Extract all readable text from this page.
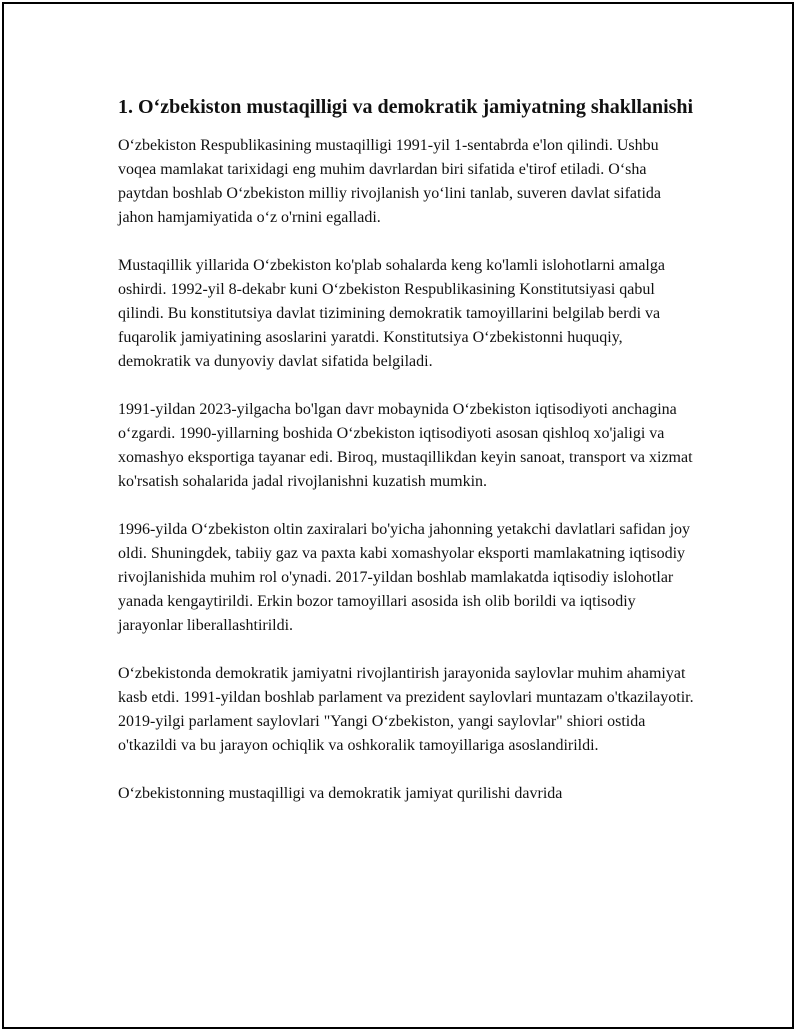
1. O‘zbekiston mustaqilligi va demokratik jamiyatning shakllanishi

O‘zbekiston Respublikasining mustaqilligi 1991-yil 1-sentabrda e'lon qilindi. Ushbu voqea mamlakat tarixidagi eng muhim davrlardan biri sifatida e'tirof etiladi. O‘sha paytdan boshlab O‘zbekiston milliy rivojlanish yo‘lini tanlab, suveren davlat sifatida jahon hamjamiyatida o‘z o'rnini egalladi.

Mustaqillik yillarida O‘zbekiston ko'plab sohalarda keng ko'lamli islohotlarni amalga oshirdi. 1992-yil 8-dekabr kuni O‘zbekiston Respublikasining Konstitutsiyasi qabul qilindi. Bu konstitutsiya davlat tizimining demokratik tamoyillarini belgilab berdi va fuqarolik jamiyatining asoslarini yaratdi. Konstitutsiya O‘zbekistonni huquqiy, demokratik va dunyoviy davlat sifatida belgiladi.

1991-yildan 2023-yilgacha bo'lgan davr mobaynida O‘zbekiston iqtisodiyoti anchagina o‘zgardi. 1990-yillarning boshida O‘zbekiston iqtisodiyoti asosan qishloq xo'jaligi va xomashyo eksportiga tayanar edi. Biroq, mustaqillikdan keyin sanoat, transport va xizmat ko'rsatish sohalarida jadal rivojlanishni kuzatish mumkin.

1996-yilda O‘zbekiston oltin zaxiralari bo'yicha jahonning yetakchi davlatlari safidan joy oldi. Shuningdek, tabiiy gaz va paxta kabi xomashyolar eksporti mamlakatning iqtisodiy rivojlanishida muhim rol o'ynadi. 2017-yildan boshlab mamlakatda iqtisodiy islohotlar yanada kengaytirildi. Erkin bozor tamoyillari asosida ish olib borildi va iqtisodiy jarayonlar liberallashtirildi.

O‘zbekistonda demokratik jamiyatni rivojlantirish jarayonida saylovlar muhim ahamiyat kasb etdi. 1991-yildan boshlab parlament va prezident saylovlari muntazam o'tkazilayotir. 2019-yilgi parlament saylovlari "Yangi O‘zbekiston, yangi saylovlar" shiori ostida o'tkazildi va bu jarayon ochiqlik va oshkoralik tamoyillariga asoslandirildi.

O‘zbekistonning mustaqilligi va demokratik jamiyat qurilishi davrida
